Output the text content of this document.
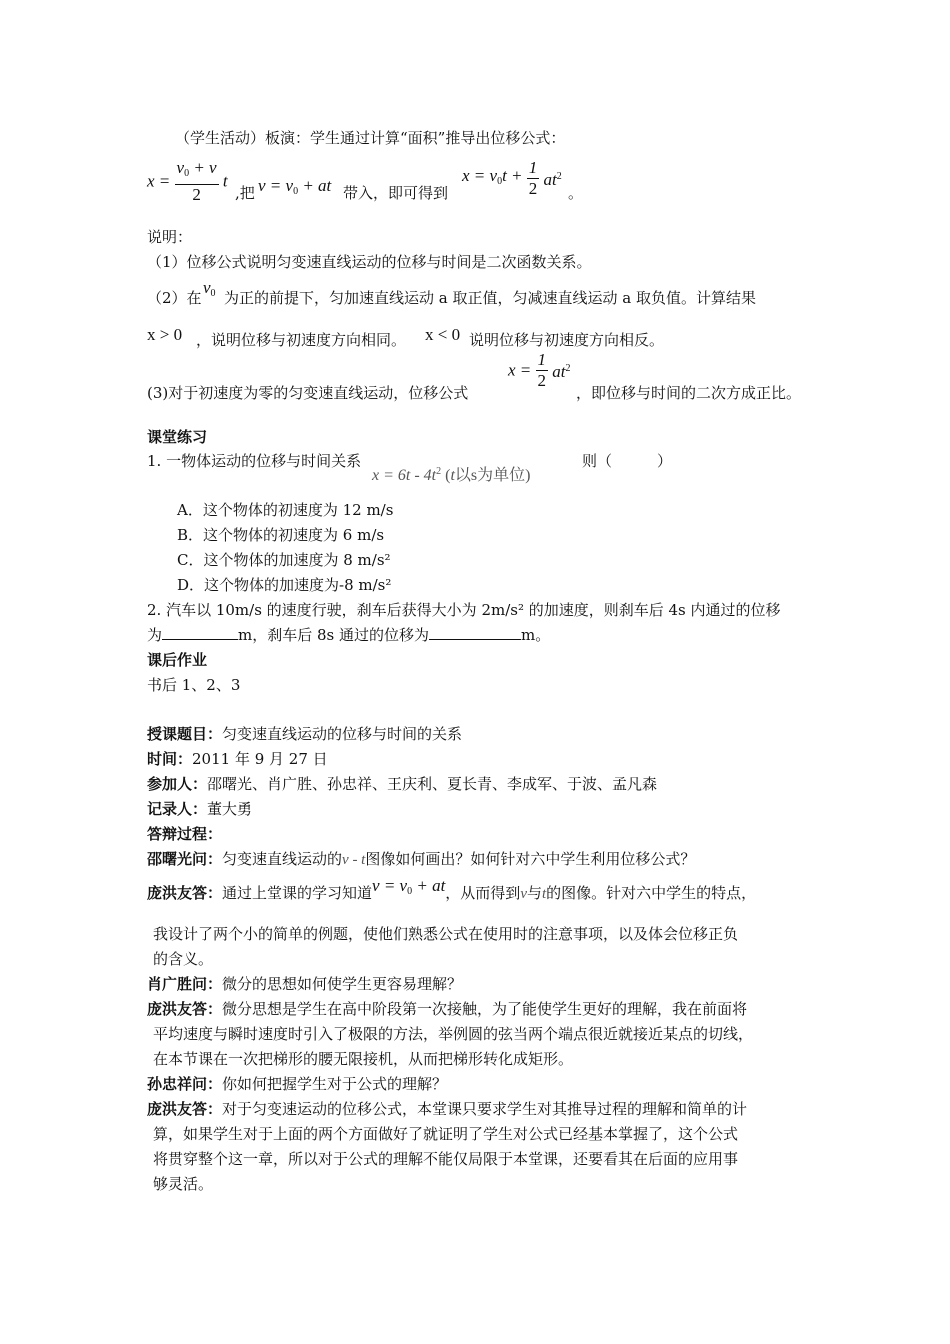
（学生活动）板演：学生通过计算“面积”推导出位移公式：
$x = \frac{v_0 + v}{2}$ t
,把 $v = v_0$ + at 带入，即可得到
$x = v_0t + \frac{1}{2} at^2$
。
说明：
（1）位移公式说明匀变速直线运动的位移与时间是二次函数关系。
（2）在
$v_0$ 为正的前提下，匀加速直线运动 a 取正值，匀减速直线运动 a 取负值。计算结果
x > 0 ，说明位移与初速度方向相同。 x < 0 说明位移与初速度方向相反。
(3)对于初速度为零的匀变速直线运动，位移公式
$x = \frac{1}{2} at^2$
，即位移与时间的二次方成正比。
课堂练习
1. 一物体运动的位移与时间关系
$x = 6t - 4t^2$ (t以s为单位)
则（　　　）
A．这个物体的初速度为 12 m/s
B．这个物体的初速度为 6 m/s
C．这个物体的加速度为 8 m/s²
D．这个物体的加速度为-8 m/s²
2. 汽车以 10m/s 的速度行驶，刹车后获得大小为 2m/s² 的加速度，则刹车后 4s 内通过的位移
为	m，刹车后 8s 通过的位移为	m。
课后作业
书后 1、2、3
授课题目：匀变速直线运动的位移与时间的关系
时间：2011 年 9 月 27 日
参加人：邵曙光、肖广胜、孙忠祥、王庆利、夏长青、李成军、于波、孟凡森
记录人：董大勇
答辩过程：
邵曙光问：匀变速直线运动的v - t图像如何画出？如何针对六中学生利用位移公式？
庞洪友答：通过上堂课的学习知道$v = v_0$ + at，从而得到v与t的图像。针对六中学生的特点，
我设计了两个小的简单的例题，使他们熟悉公式在使用时的注意事项，以及体会位移正负
的含义。
肖广胜问：微分的思想如何使学生更容易理解？
庞洪友答：微分思想是学生在高中阶段第一次接触，为了能使学生更好的理解，我在前面将
平均速度与瞬时速度时引入了极限的方法，举例圆的弦当两个端点很近就接近某点的切线，
在本节课在一次把梯形的腰无限接机，从而把梯形转化成矩形。
孙忠祥问：你如何把握学生对于公式的理解？
庞洪友答：对于匀变速运动的位移公式，本堂课只要求学生对其推导过程的理解和简单的计
算，如果学生对于上面的两个方面做好了就证明了学生对公式已经基本掌握了，这个公式
将贯穿整个这一章，所以对于公式的理解不能仅局限于本堂课，还要看其在后面的应用事
够灵活。
